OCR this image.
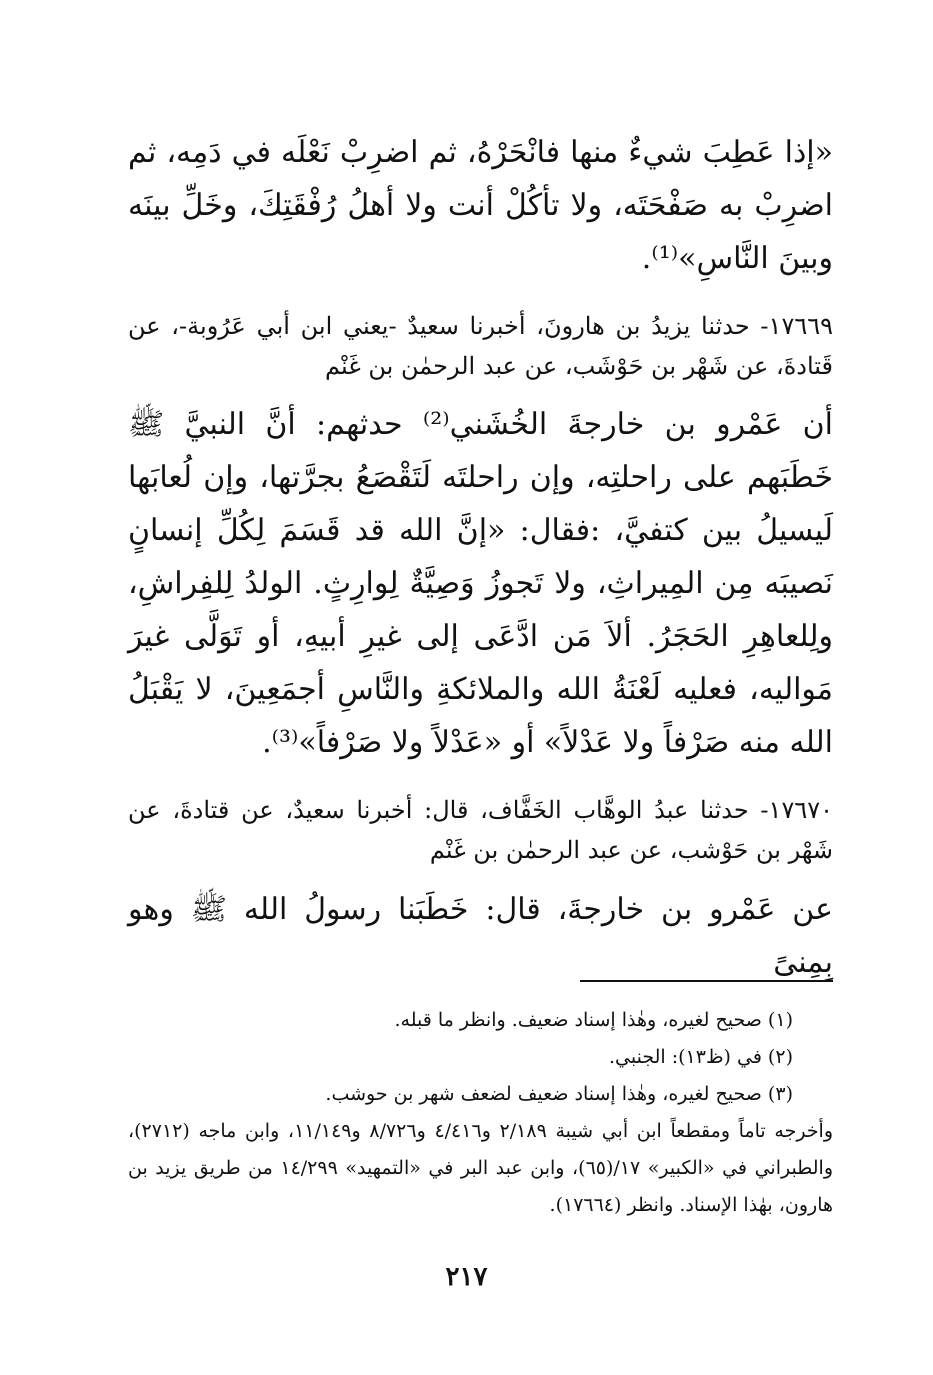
«إذا عَطِبَ شيءٌ منها فانْحَرْهُ، ثم اضرِبْ نَعْلَه في دَمِه، ثم اضرِبْ به صَفْحَتَه، ولا تأكُلْ أنت ولا أهلُ رُفْقَتِكَ، وخَلِّ بينَه وبينَ النَّاسِ»⁽¹⁾.

١٧٦٦٩- حدثنا يزيدُ بن هارونَ، أخبرنا سعيدٌ -يعني ابن أبي عَرُوبة-، عن قَتادةَ، عن شَهْر بن حَوْشَب، عن عبد الرحمٰن بن غَنْم

أن عَمْرو بن خارجةَ الخُشَني⁽²⁾ حدثهم: أنَّ النبيَّ ﷺ خَطَبَهم على راحلتِه، وإن راحلتَه لَتَقْصَعُ بجرَّتها، وإن لُعابَها لَيسيلُ بين كتفيَّ، :فقال: «إنَّ الله قد قَسَمَ لِكُلِّ إنسانٍ نَصيبَه مِن المِيراثِ، ولا تَجوزُ وَصِيَّةٌ لِوارِثٍ. الولدُ لِلفِراشِ، ولِلعاهِرِ الحَجَرُ. ألاَ مَن ادَّعَى إلى غيرِ أبيهِ، أو تَوَلَّى غيرَ مَواليه، فعليه لَعْنَةُ الله والملائكةِ والنَّاسِ أجمَعِينَ، لا يَقْبَلُ الله منه صَرْفاً ولا عَدْلاً» أو «عَدْلاً ولا صَرْفاً»⁽³⁾.

١٧٦٧٠- حدثنا عبدُ الوهَّاب الخَفَّاف، قال: أخبرنا سعيدٌ، عن قتادةَ، عن شَهْر بن حَوْشب، عن عبد الرحمٰن بن غَنْم

عن عَمْرو بن خارجةَ، قال: خَطَبَنا رسولُ الله ﷺ وهو بِمِنىً

(١) صحيح لغيره، وهٰذا إسناد ضعيف. وانظر ما قبله.

(٢) في (ظ١٣): الجنبي.

(٣) صحيح لغيره، وهٰذا إسناد ضعيف لضعف شهر بن حوشب.

وأخرجه تاماً ومقطعاً ابن أبي شيبة ٢/١٨٩ و٤/٤١٦ و٨/٧٢٦ و١١/١٤٩، وابن ماجه (٢٧١٢)، والطبراني في «الكبير» ١٧/(٦٥)، وابن عبد البر في «التمهيد» ١٤/٢٩٩ من طريق يزيد بن هارون، بهٰذا الإسناد. وانظر (١٧٦٦٤).

٢١٧
